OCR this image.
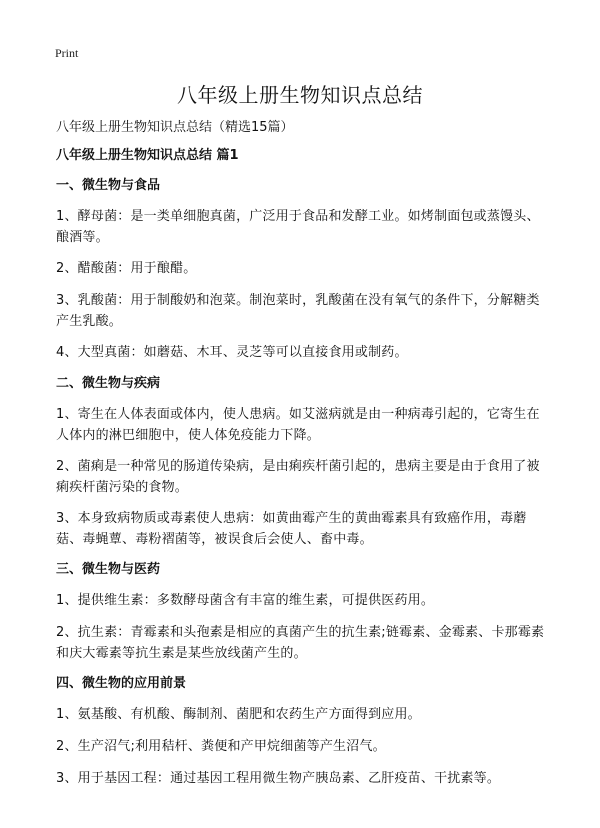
Print
八年级上册生物知识点总结

八年级上册生物知识点总结（精选15篇）

八年级上册生物知识点总结 篇1

一、微生物与食品

1、酵母菌：是一类单细胞真菌，广泛用于食品和发酵工业。如烤制面包或蒸馒头、酿酒等。

2、醋酸菌：用于酿醋。

3、乳酸菌：用于制酸奶和泡菜。制泡菜时，乳酸菌在没有氧气的条件下，分解糖类产生乳酸。

4、大型真菌：如蘑菇、木耳、灵芝等可以直接食用或制药。

二、微生物与疾病

1、寄生在人体表面或体内，使人患病。如艾滋病就是由一种病毒引起的，它寄生在人体内的淋巴细胞中，使人体免疫能力下降。

2、菌痢是一种常见的肠道传染病，是由痢疾杆菌引起的，患病主要是由于食用了被痢疾杆菌污染的食物。

3、本身致病物质或毒素使人患病：如黄曲霉产生的黄曲霉素具有致癌作用，毒蘑菇、毒蝇蕈、毒粉褶菌等，被误食后会使人、畜中毒。

三、微生物与医药

1、提供维生素：多数酵母菌含有丰富的维生素，可提供医药用。

2、抗生素：青霉素和头孢素是相应的真菌产生的抗生素;链霉素、金霉素、卡那霉素和庆大霉素等抗生素是某些放线菌产生的。

四、微生物的应用前景

1、氨基酸、有机酸、酶制剂、菌肥和农药生产方面得到应用。

2、生产沼气;利用秸杆、粪便和产甲烷细菌等产生沼气。

3、用于基因工程：通过基因工程用微生物产胰岛素、乙肝疫苗、干扰素等。
